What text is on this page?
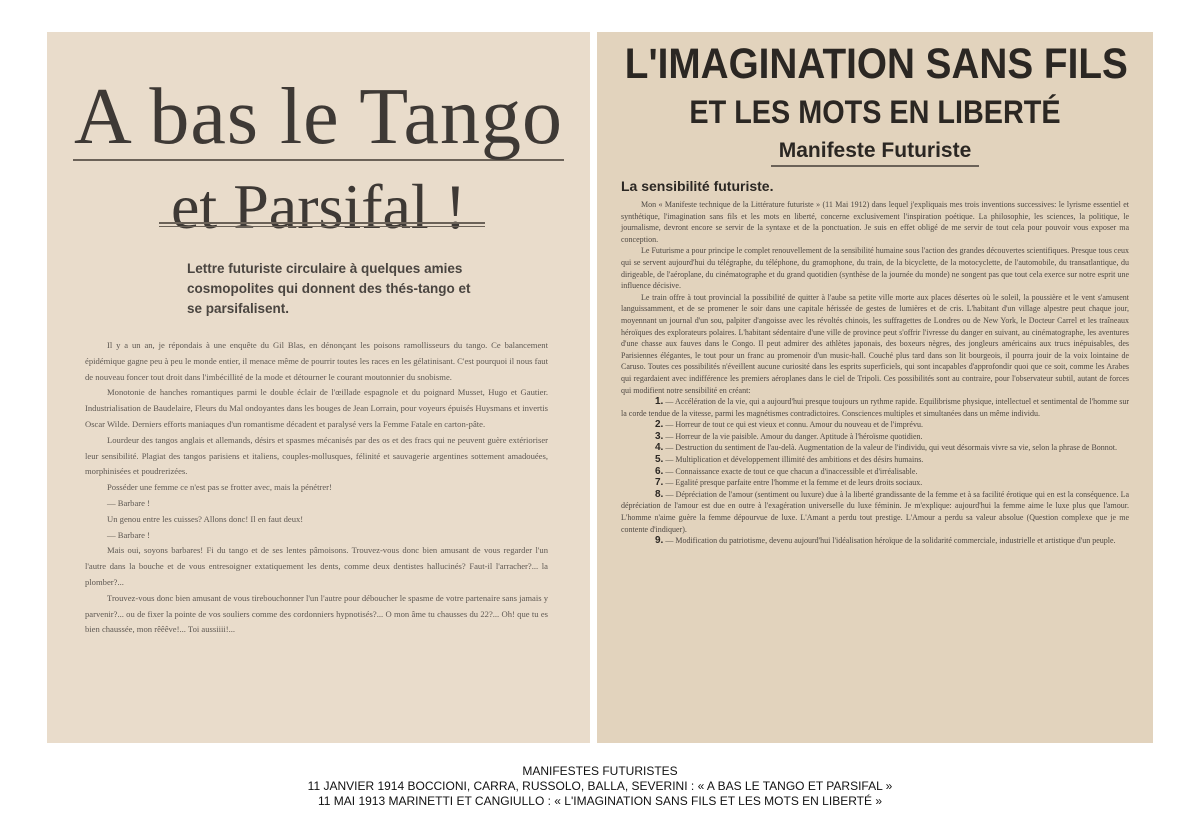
A bas le Tango
et Parsifal !
Lettre futuriste circulaire à quelques amies cosmopolites qui donnent des thés-tango et se parsifalisent.

Il y a un an, je répondais à une enquête du Gil Blas, en dénonçant les poisons ramollisseurs du tango. Ce balancement épidémique gagne peu à peu le monde entier, il menace même de pourrir toutes les races en les gélatinisant. C'est pourquoi il nous faut de nouveau foncer tout droit dans l'imbécillité de la mode et détourner le courant moutonnier du snobisme.

Monotonie de hanches romantiques parmi le double éclair de l'œillade espagnole et du poignard Musset, Hugo et Gautier. Industrialisation de Baudelaire, Fleurs du Mal ondoyantes dans les bouges de Jean Lorrain, pour voyeurs épuisés Huysmans et invertis Oscar Wilde. Derniers efforts maniaques d'un romantisme décadent et paralysé vers la Femme Fatale en carton-pâte.

Lourdeur des tangos anglais et allemands, désirs et spasmes mécanisés par des os et des fracs qui ne peuvent guère extérioriser leur sensibilité. Plagiat des tangos parisiens et italiens, couples-mollusques, félinité et sauvagerie argentines sottement amadouées, morphinisées et poudrerizées.

Posséder une femme ce n'est pas se frotter avec, mais la pénétrer!

— Barbare !

Un genou entre les cuisses? Allons donc! Il en faut deux!

— Barbare !

Mais oui, soyons barbares! Fi du tango et de ses lentes pâmoisons. Trouvez-vous donc bien amusant de vous regarder l'un l'autre dans la bouche et de vous entresoigner extatiquement les dents, comme deux dentistes hallucinés? Faut-il l'arracher?... la plomber?...

Trouvez-vous donc bien amusant de vous tirebouchonner l'un l'autre pour déboucher le spasme de votre partenaire sans jamais y parvenir?... ou de fixer la pointe de vos souliers comme des cordonniers hypnotisés?... O mon âme tu chausses du 22?... Oh! que tu es bien chaussée, mon rêêêve!... Toi aussiiii!...

L'IMAGINATION SANS FILS
ET LES MOTS EN LIBERTÉ
Manifeste Futuriste
La sensibilité futuriste.

Mon « Manifeste technique de la Littérature futuriste » (11 Mai 1912) dans lequel j'expliquais mes trois inventions successives: le lyrisme essentiel et synthétique, l'imagination sans fils et les mots en liberté, concerne exclusivement l'inspiration poétique. La philosophie, les sciences, la politique, le journalisme, devront encore se servir de la syntaxe et de la ponctuation. Je suis en effet obligé de me servir de tout cela pour pouvoir vous exposer ma conception.

Le Futurisme a pour principe le complet renouvellement de la sensibilité humaine sous l'action des grandes découvertes scientifiques. Presque tous ceux qui se servent aujourd'hui du télégraphe, du téléphone, du gramophone, du train, de la bicyclette, de la motocyclette, de l'automobile, du transatlantique, du dirigeable, de l'aéroplane, du cinématographe et du grand quotidien (synthèse de la journée du monde) ne songent pas que tout cela exerce sur notre esprit une influence décisive.

Le train offre à tout provincial la possibilité de quitter à l'aube sa petite ville morte aux places désertes où le soleil, la poussière et le vent s'amusent languissamment, et de se promener le soir dans une capitale hérissée de gestes de lumières et de cris. L'habitant d'un village alpestre peut chaque jour, moyennant un journal d'un sou, palpiter d'angoisse avec les révoltés chinois, les suffragettes de Londres ou de New York, le Docteur Carrel et les traîneaux héroïques des explorateurs polaires. L'habitant sédentaire d'une ville de province peut s'offrir l'ivresse du danger en suivant, au cinématographe, les aventures d'une chasse aux fauves dans le Congo. Il peut admirer des athlètes japonais, des boxeurs nègres, des jongleurs américains aux trucs inépuisables, des Parisiennes élégantes, le tout pour un franc au promenoir d'un music-hall. Couché plus tard dans son lit bourgeois, il pourra jouir de la voix lointaine de Caruso. Toutes ces possibilités n'éveillent aucune curiosité dans les esprits superficiels, qui sont incapables d'approfondir quoi que ce soit, comme les Arabes qui regardaient avec indifférence les premiers aéroplanes dans le ciel de Tripoli. Ces possibilités sont au contraire, pour l'observateur subtil, autant de forces qui modifient notre sensibilité en créant:

1. — Accélération de la vie, qui a aujourd'hui presque toujours un rythme rapide. Equilibrisme physique, intellectuel et sentimental de l'homme sur la corde tendue de la vitesse, parmi les magnétismes contradictoires. Consciences multiples et simultanées dans un même individu.

2. — Horreur de tout ce qui est vieux et connu. Amour du nouveau et de l'imprévu.

3. — Horreur de la vie paisible. Amour du danger. Aptitude à l'héroïsme quotidien.

4. — Destruction du sentiment de l'au-delà. Augmentation de la valeur de l'individu, qui veut désormais vivre sa vie, selon la phrase de Bonnot.

5. — Multiplication et développement illimité des ambitions et des désirs humains.

6. — Connaissance exacte de tout ce que chacun a d'inaccessible et d'irréalisable.

7. — Egalité presque parfaite entre l'homme et la femme et de leurs droits sociaux.

8. — Dépréciation de l'amour (sentiment ou luxure) due à la liberté grandissante de la femme et à sa facilité érotique qui en est la conséquence. La dépréciation de l'amour est due en outre à l'exagération universelle du luxe féminin. Je m'explique: aujourd'hui la femme aime le luxe plus que l'amour. L'homme n'aime guère la femme dépourvue de luxe. L'Amant a perdu tout prestige. L'Amour a perdu sa valeur absolue (Question complexe que je me contente d'indiquer).

9. — Modification du patriotisme, devenu aujourd'hui l'idéalisation héroïque de la solidarité commerciale, industrielle et artistique d'un peuple.

MANIFESTES FUTURISTES
11 JANVIER 1914 BOCCIONI, CARRA, RUSSOLO, BALLA, SEVERINI : « A BAS LE TANGO ET PARSIFAL »
11 MAI 1913 MARINETTI ET CANGIULLO : « L'IMAGINATION SANS FILS ET LES MOTS EN LIBERTÉ »
